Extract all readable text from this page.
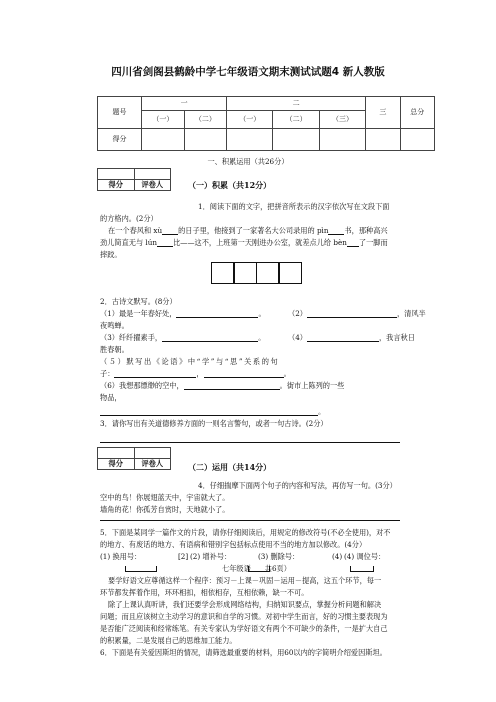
四川省剑阁县鹤龄中学七年级语文期末测试试题4 新人教版
题号	一		二			三	总分
	（一）	（二）	（一）	（二）	（三）		
得分							
一、积累运用（共26分）

得分	评卷人	（一）积累（共12分）
1．阅读下面的文字，把拼音所表示的汉字依次写在文段下面
的方格内。(2分）
在一个春风和 xù 的日子里，他接到了一家著名大公司录用的 pìn 书，那种高兴
劲儿简直无与 lún 比——这不，上班第一天刚进办公室，就差点儿给 bèn 了一脚而
摔跤。
2．古诗文默写。(8分）
（1）最是一年春好处，	。	（2）	，清风半
夜鸣蝉。
（3）纤纤擢素手，	。	（4）	，我言秋日
胜春朝。
（５）默写出《论语》中“学”与“思”关系的句
子：	，	。
（6）我想那缥缈的空中，	。街市上陈列的一些
物品，
。
3．请你写出有关道德修养方面的一则名言警句，或者一句古诗。(2分）

得分	评卷人	（二）运用（共14分）
4．仔细揣摩下面两个句子的内容和写法，再仿写一句。(3分）
空中的鸟！你展翅蓝天中，宇宙就大了。
墙角的花！你孤芳自赏时，天地就小了。
5．下面是某同学一篇作文的片段，请你仔细阅读后，用规定的修改符号(不必全使用)，对不
的地方、有废话的地方、有语病和错别字包括标点使用不当的地方加以修改。(4分）
(1) 换用号：	[2] (2) 增补号：	(3) 删除号：	(4) (4) 调位号：
七年级语 共6页）
要学好语文应尊循这样一个程序：预习－上课－巩固－运用－提高，这五个环节，每一
环节都发挥着作用，环环相扣，相依相存，互相依赖，缺一不可。
除了上课认真听讲，我们还要学会形成网络结构，归纳知识要点，掌握分析问题和解决
问题；而且应该树立主动学习的意识和自学的习惯。对初中学生而言，好的习惯主要表现为
是否能广泛阅读和经常练笔。有关专家认为学好语文有两个不可缺少的条件，一是扩大自己
的积累量，二是发展自己的思维加工能力。
6．下面是有关爱因斯坦的情况，请筛选最重要的材料，用60以内的字简明介绍爱因斯坦。
